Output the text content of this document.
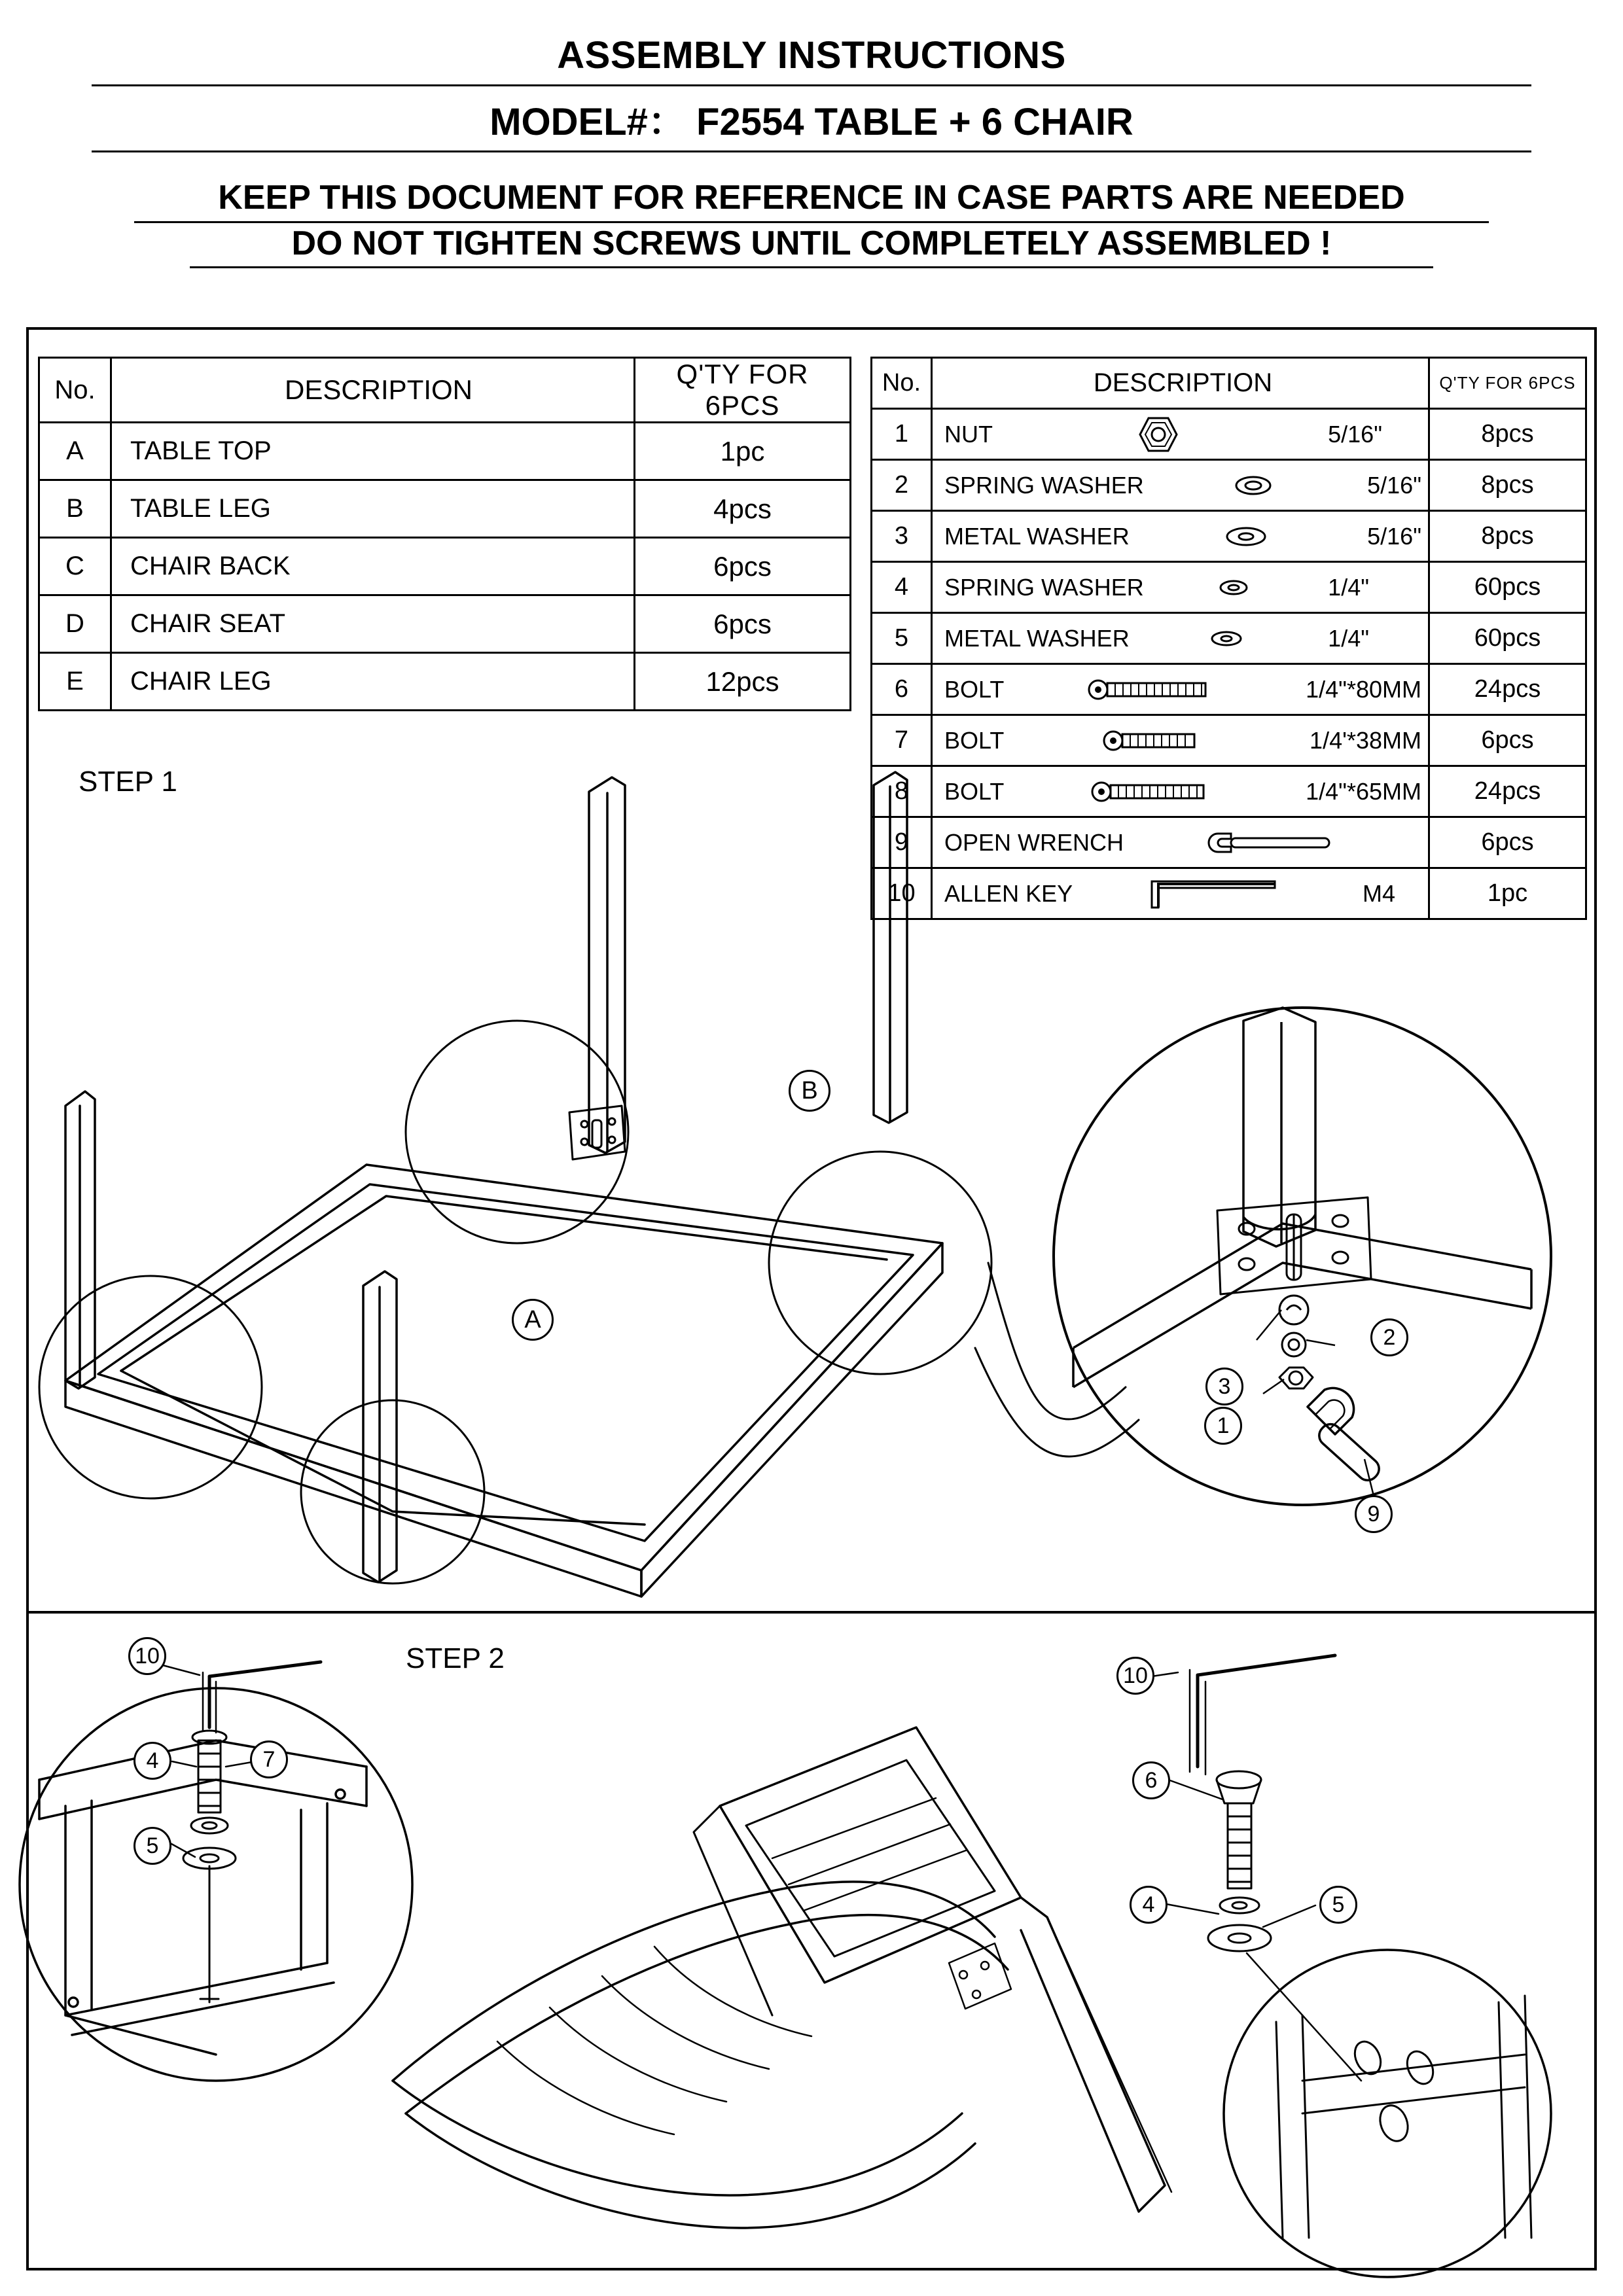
ASSEMBLY INSTRUCTIONS
MODEL#： F2554 TABLE + 6 CHAIR
KEEP THIS DOCUMENT FOR REFERENCE IN CASE PARTS ARE NEEDED
DO NOT TIGHTEN SCREWS UNTIL COMPLETELY ASSEMBLED !
No.	DESCRIPTION	Q'TY FOR 6PCS
A	TABLE TOP	1pc
B	TABLE LEG	4pcs
C	CHAIR BACK	6pcs
D	CHAIR SEAT	6pcs
E	CHAIR LEG	12pcs
No.	DESCRIPTION	Q'TY FOR 6PCS
1	NUT 5/16"	8pcs
2	SPRING WASHER 5/16"	8pcs
3	METAL WASHER 5/16"	8pcs
4	SPRING WASHER 1/4"	60pcs
5	METAL WASHER 1/4"	60pcs
6	BOLT 1/4"*80MM	24pcs
7	BOLT 1/4'*38MM	6pcs
8	BOLT 1/4"*65MM	24pcs
9	OPEN WRENCH	6pcs
10	ALLEN KEY M4	1pc
STEP 1
STEP 2
A
B
3
2
1
9
10
4	7
5
10
6
4	5
